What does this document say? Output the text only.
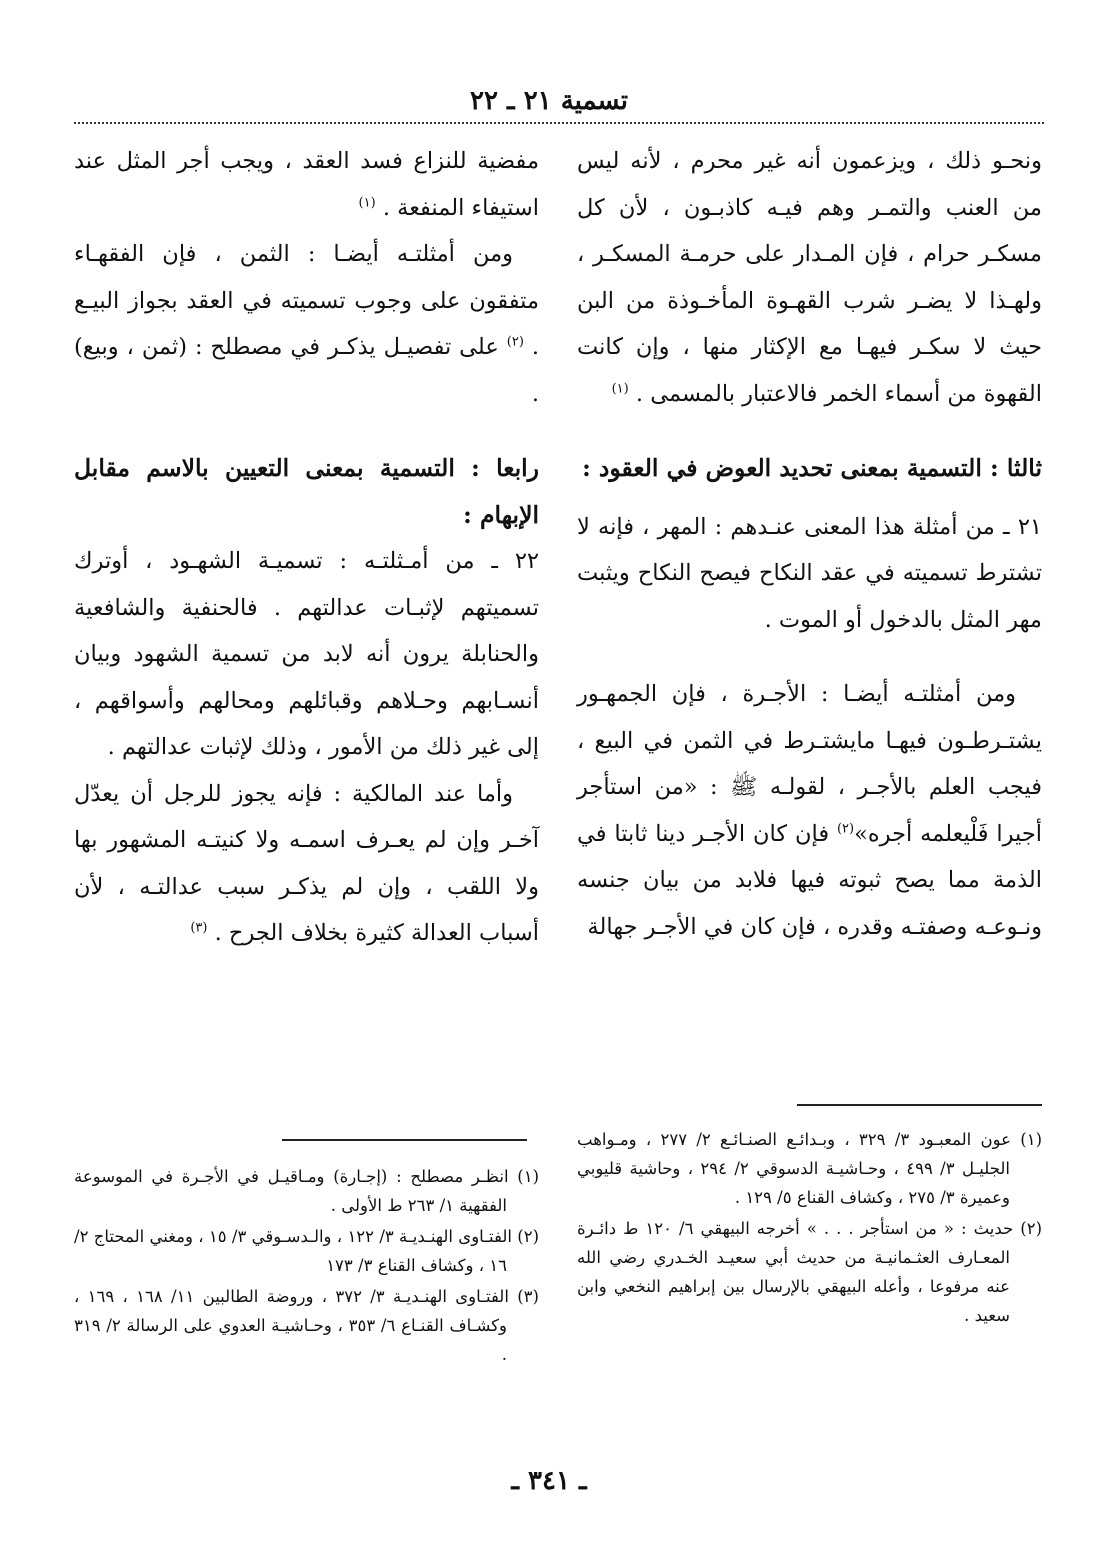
تسمية ٢١ ـ ٢٢

ونحـو ذلك ، ويزعمون أنه غير محرم ، لأنه ليس من العنب والتمـر وهم فيـه كاذبـون ، لأن كل مسكـر حرام ، فإن المـدار على حرمـة المسكـر ، ولهـذا لا يضـر شرب القهـوة المأخـوذة من البن حيث لا سكـر فيهـا مع الإكثار منها ، وإن كانت القهوة من أسماء الخمر فالاعتبار بالمسمى . $^{(١)}$

ثالثا : التسمية بمعنى تحديد العوض في العقود :

٢١ ـ من أمثلة هذا المعنى عنـدهم : المهر ، فإنه لا تشترط تسميته في عقد النكاح فيصح النكاح ويثبت مهر المثل بالدخول أو الموت .

ومن أمثلتـه أيضـا : الأجـرة ، فإن الجمهـور يشتـرطـون فيهـا مايشتـرط في الثمن في البيع ، فيجب العلم بالأجـر ، لقولـه ﷺ : «من استأجر أجيرا فَلْيعلمه أجره»$^{(٢)}$ فإن كان الأجـر دينا ثابتا في الذمة مما يصح ثبوته فيها فلابد من بيان جنسه ونـوعـه وصفتـه وقدره ، فإن كان في الأجـر جهالة

مفضية للنزاع فسد العقد ، ويجب أجر المثل عند استيفاء المنفعة . $^{(١)}$

ومن أمثلتـه أيضـا : الثمن ، فإن الفقهـاء متفقون على وجوب تسميته في العقد بجواز البيـع . $^{(٢)}$ على تفصيـل يذكـر في مصطلح : (ثمن ، وبيع) .

رابعا : التسمية بمعنى التعيين بالاسم مقابل الإبهام :

٢٢ ـ من أمـثلتـه : تسميـة الشهـود ، أوترك تسميتهم لإثبـات عدالتهم . فالحنفية والشافعية والحنابلة يرون أنه لابد من تسمية الشهود وبيان أنسـابهم وحـلاهم وقبائلهم ومحالهم وأسواقهم ، إلى غير ذلك من الأمور ، وذلك لإثبات عدالتهم .

وأما عند المالكية : فإنه يجوز للرجل أن يعدّل آخـر وإن لم يعـرف اسمـه ولا كنيتـه المشهور بها ولا اللقب ، وإن لم يذكـر سبب عدالتـه ، لأن أسباب العدالة كثيرة بخلاف الجرح . $^{(٣)}$

(١) عون المعبـود ٣/ ٣٢٩ ، وبـدائـع الصنـائـع ٢/ ٢٧٧ ، ومـواهب الجليـل ٣/ ٤٩٩ ، وحـاشيـة الدسوقي ٢/ ٢٩٤ ، وحاشية قليوبي وعميرة ٣/ ٢٧٥ ، وكشاف القناع ٥/ ١٢٩ .

(٢) حديث : « من استأجر . . . » أخرجه البيهقي ٦/ ١٢٠ ط دائـرة المعـارف العثـمانيـة من حديث أبي سعيـد الخـدري رضي الله عنه مرفوعا ، وأعله البيهقي بالإرسال بين إبراهيم النخعي وابن سعيد .

(١) انظـر مصطلح : (إجـارة) ومـاقيـل في الأجـرة في الموسوعة الفقهية ١/ ٢٦٣ ط الأولى .

(٢) الفتـاوى الهنـديـة ٣/ ١٢٢ ، والـدسـوقي ٣/ ١٥ ، ومغني المحتاج ٢/ ١٦ ، وكشاف القناع ٣/ ١٧٣

(٣) الفتـاوى الهنـديـة ٣/ ٣٧٢ ، وروضة الطالبين ١١/ ١٦٨ ، ١٦٩ ، وكشـاف القنـاع ٦/ ٣٥٣ ، وحـاشيـة العدوي على الرسالة ٢/ ٣١٩ .

ـ ٣٤١ ـ
